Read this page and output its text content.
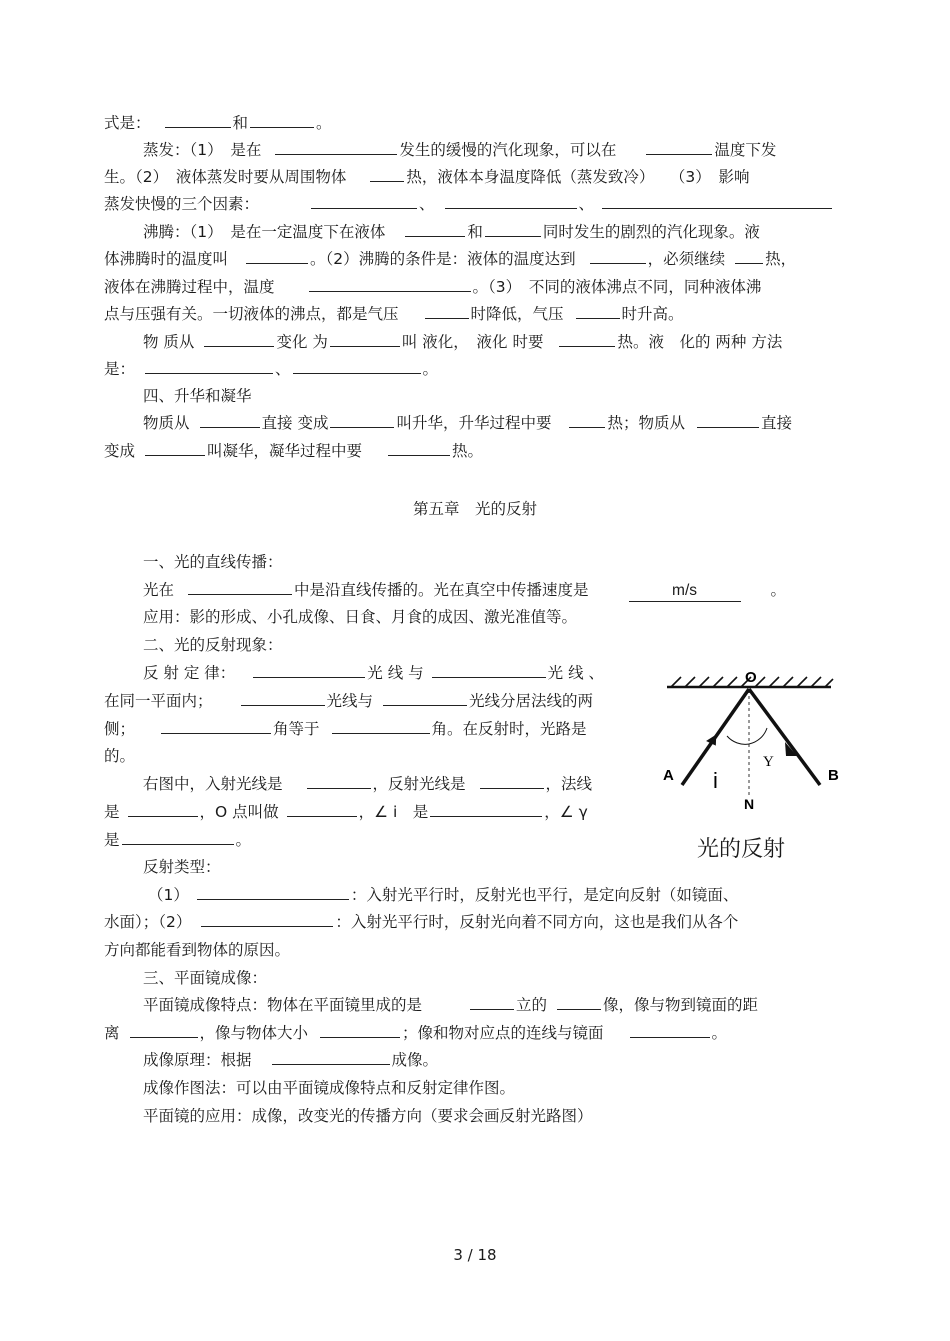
式是：	和	。
蒸发：（1）　是在	发生的缓慢的汽化现象，可以在	温度下发
生。（2）　液体蒸发时要从周围物体	热，液体本身温度降低（蒸发致冷）　　（3）　影响
蒸发快慢的三个因素：	、	、
沸腾：（1）　是在一定温度下在液体	和	同时发生的剧烈的汽化现象。液
体沸腾时的温度叫	。（2）沸腾的条件是：液体的温度达到	，必须继续	热，
液体在沸腾过程中，温度	。（3）　不同的液体沸点不同，同种液体沸
点与压强有关。一切液体的沸点，都是气压	时降低，气压	时升高。
物 质从	变化 为	叫 液化，　液化 时要	热。液　化的 两种 方法
是：	、	。
四、升华和凝华
物质从	直接 变成	叫升华，升华过程中要	热；物质从	直接
变成	叫凝华，凝华过程中要	热。
第五章　光的反射
一、光的直线传播：
光在	中是沿直线传播的。光在真空中传播速度是	m/s	。
应用：影的形成、小孔成像、日食、月食的成因、激光准值等。
二、光的反射现象：
反 射 定 律：	光 线 与	光 线 、
在同一平面内；	光线与	光线分居法线的两
侧；	角等于	角。在反射时，光路是
的。
右图中，入射光线是	，反射光线是	，法线
是	，O 点叫做	，∠ i　是	，∠ γ
是	。
反射类型：
（1）	：入射光平行时，反射光也平行，是定向反射（如镜面、
水面）；（2）	：入射光平行时，反射光向着不同方向，这也是我们从各个
方向都能看到物体的原因。
三、平面镜成像：
平面镜成像特点：物体在平面镜里成的是	立的	像，像与物到镜面的距
离	，像与物体大小	；像和物对应点的连线与镜面	。
成像原理：根据	成像。
成像作图法：可以由平面镜成像特点和反射定律作图。
平面镜的应用：成像，改变光的传播方向（要求会画反射光路图）
O
A	B
N
i
Y
光的反射
3 / 18
